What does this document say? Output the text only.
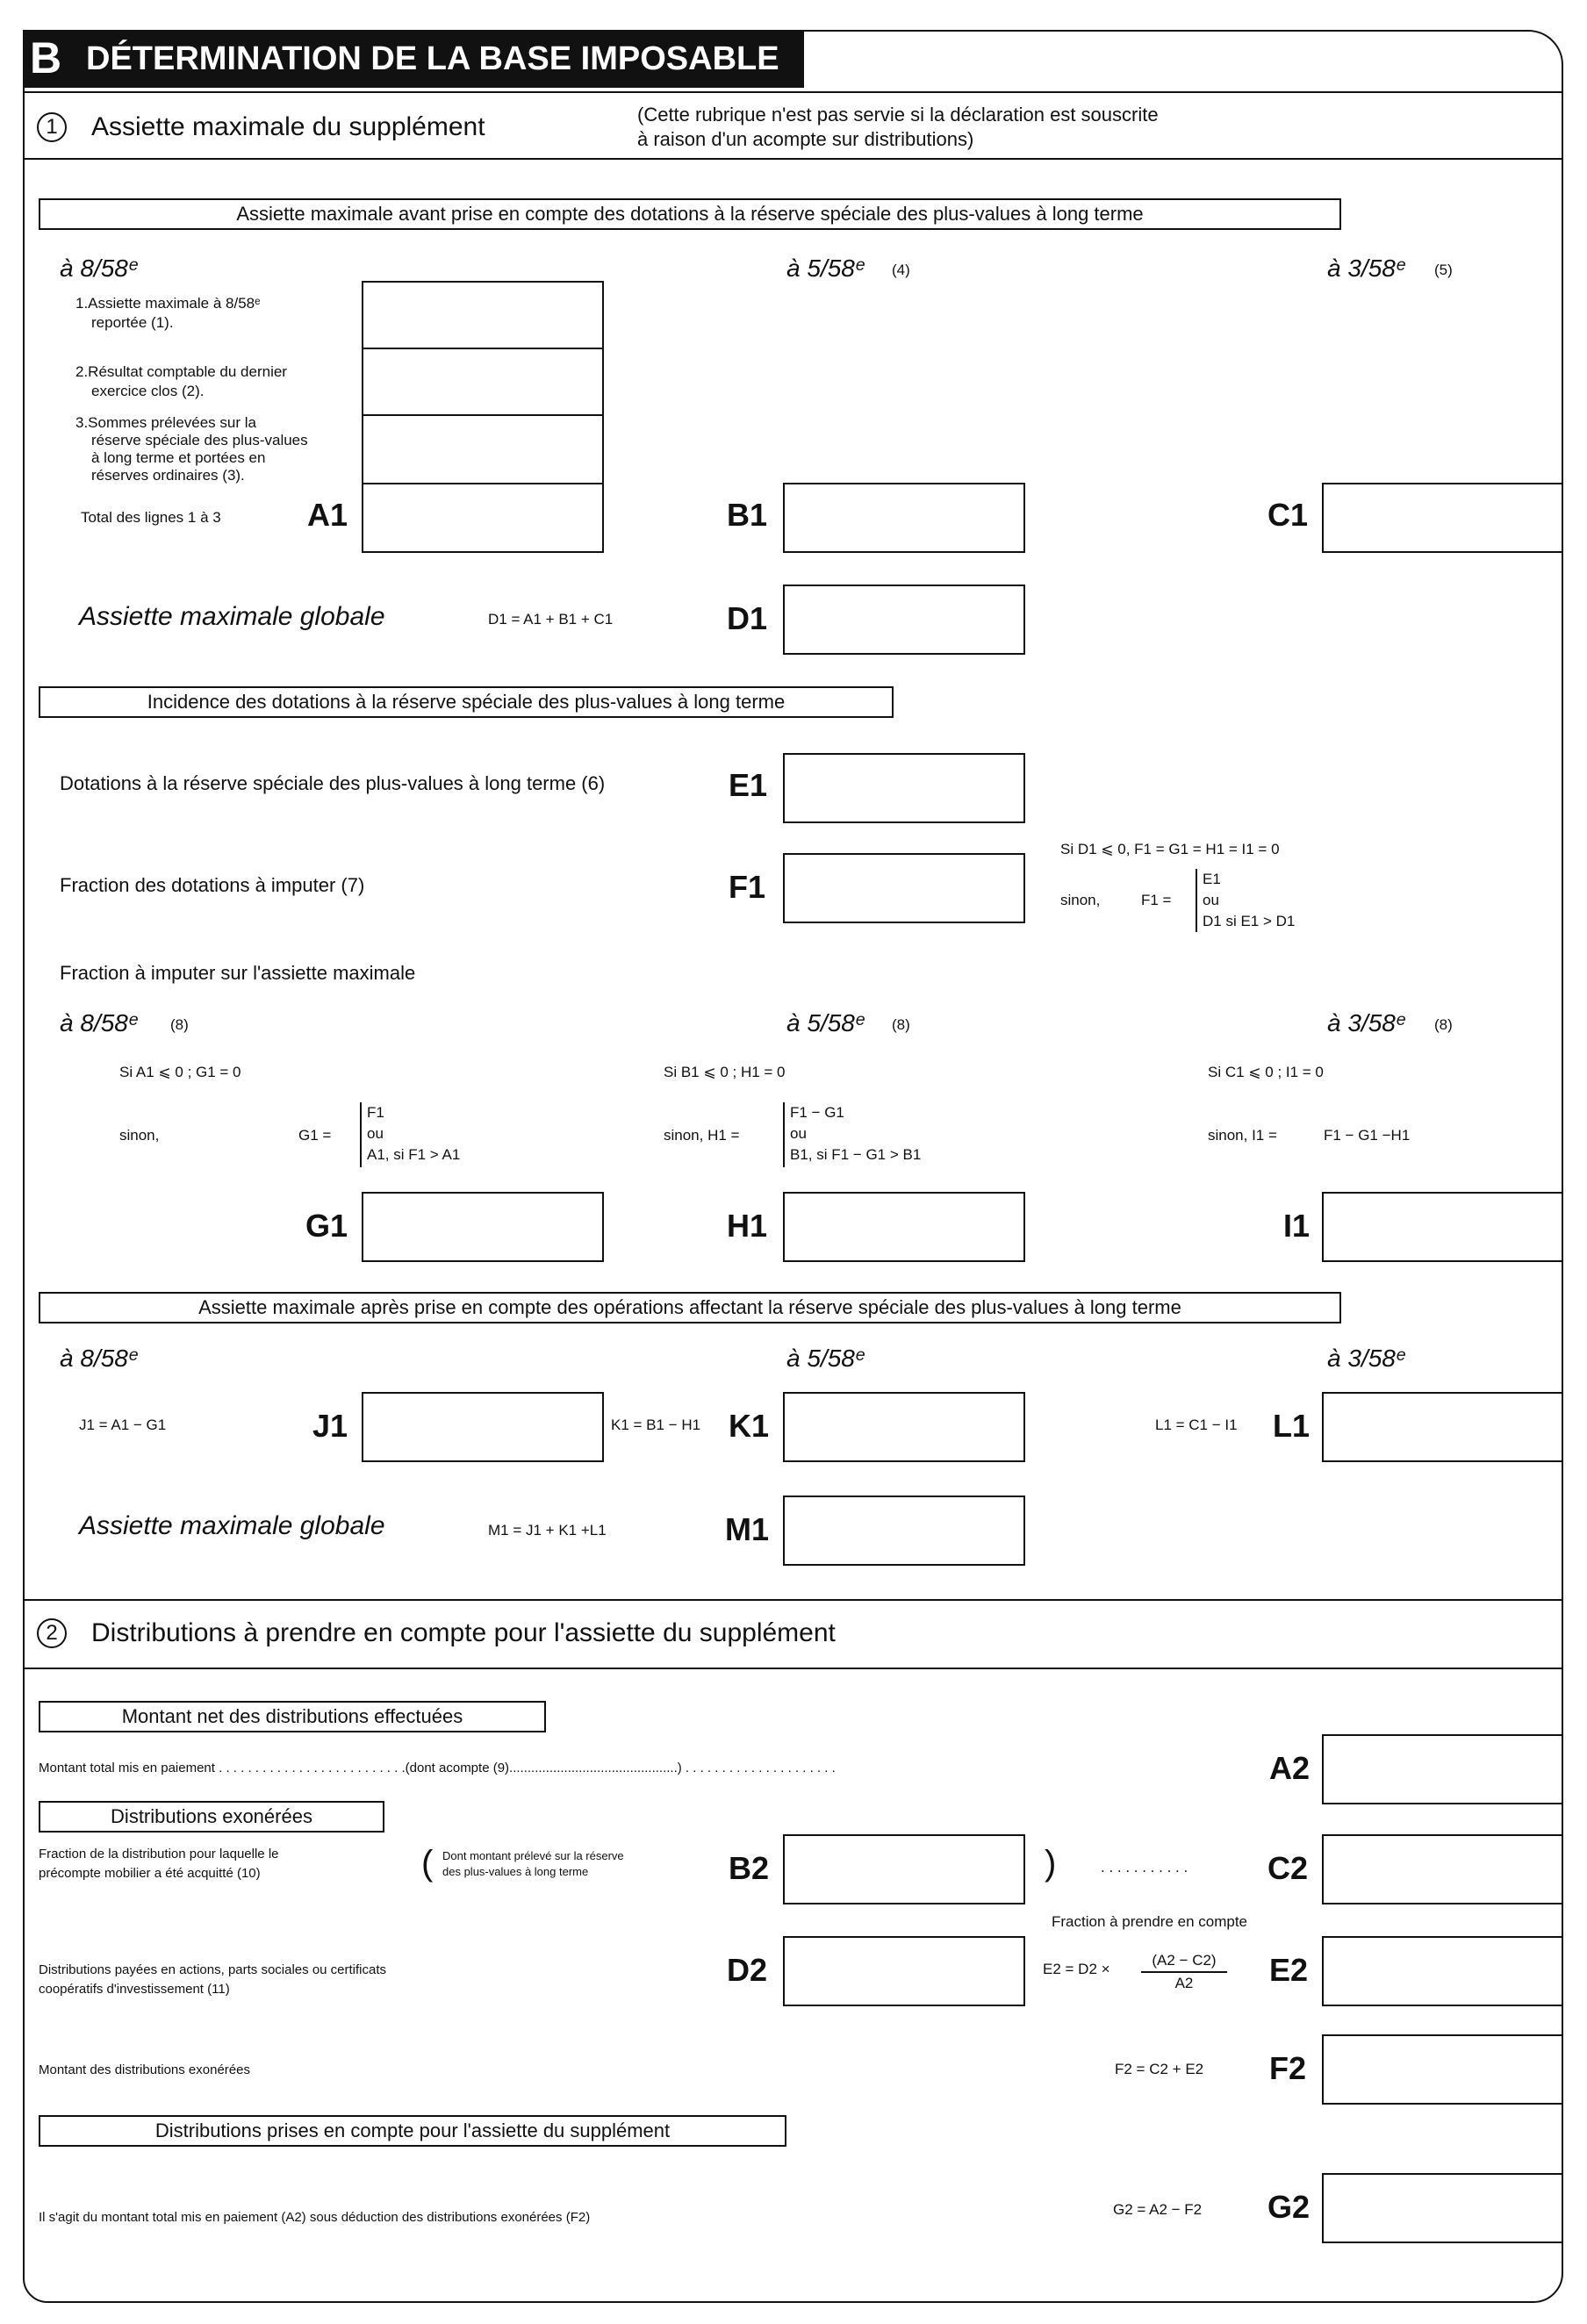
B DÉTERMINATION DE LA BASE IMPOSABLE
1	Assiette maximale du supplément	(Cette rubrique n'est pas servie si la déclaration est souscrite
à raison d'un acompte sur distributions)
Assiette maximale avant prise en compte des dotations à la réserve spéciale des plus-values à long terme
à 8/58ᵉ	à 5/58ᵉ (4)	à 3/58ᵉ (5)
1.Assiette maximale à 8/58ᵉ
reportée (1).
2.Résultat comptable du dernier
exercice clos (2).
3.Sommes prélevées sur la
réserve spéciale des plus-values
à long terme et portées en
réserves ordinaires (3).
Total des lignes 1 à 3	A1	B1	C1
Assiette maximale globale	D1 = A1 + B1 + C1	D1
Incidence des dotations à la réserve spéciale des plus-values à long terme
Dotations à la réserve spéciale des plus-values à long terme (6)	E1
Fraction des dotations à imputer (7)	F1
Si D1 ⩽ 0, F1 = G1 = H1 = I1 = 0
sinon,	F1 =
E1
ou
D1 si E1 > D1
Fraction à imputer sur l'assiette maximale
à 8/58ᵉ (8)	à 5/58ᵉ (8)	à 3/58ᵉ (8)
Si A1 ⩽ 0 ; G1 = 0
sinon,	G1 =
F1
ou
A1, si F1 > A1
Si B1 ⩽ 0 ; H1 = 0
sinon, H1 =
F1 − G1
ou
B1, si F1 − G1 > B1
Si C1 ⩽ 0 ; I1 = 0
sinon, I1 =	F1 − G1 −H1
G1	H1	I1
Assiette maximale après prise en compte des opérations affectant la réserve spéciale des plus-values à long terme
à 8/58ᵉ	à 5/58ᵉ	à 3/58ᵉ
J1 = A1 − G1	J1	K1 = B1 − H1 K1	L1 = C1 − I1 L1
Assiette maximale globale	M1 = J1 + K1 +L1	M1
2	Distributions à prendre en compte pour l'assiette du supplément
Montant net des distributions effectuées
Montant total mis en paiement . . . . . . . . . . . . . . . . . . . . . . . . . .(dont acompte (9)..............................................) . . . . . . . . . . . . . . . . . . . . .	A2
Distributions exonérées
Fraction de la distribution pour laquelle le
précompte mobilier a été acquitté (10)	( Dont montant prélevé sur la réserve
des plus-values à long terme	B2	)	. . . . . . . . . . .	C2
Fraction à prendre en compte
Distributions payées en actions, parts sociales ou certificats
coopératifs d'investissement (11)
D2	$E2 = D2 \times \frac{(A2 - C2)}{A2} E2$
Montant des distributions exonérées	F2 = C2 + E2 F2
Distributions prises en compte pour l'assiette du supplément
Il s'agit du montant total mis en paiement (A2) sous déduction des distributions exonérées (F2)	G2 = A2 − F2 G2
